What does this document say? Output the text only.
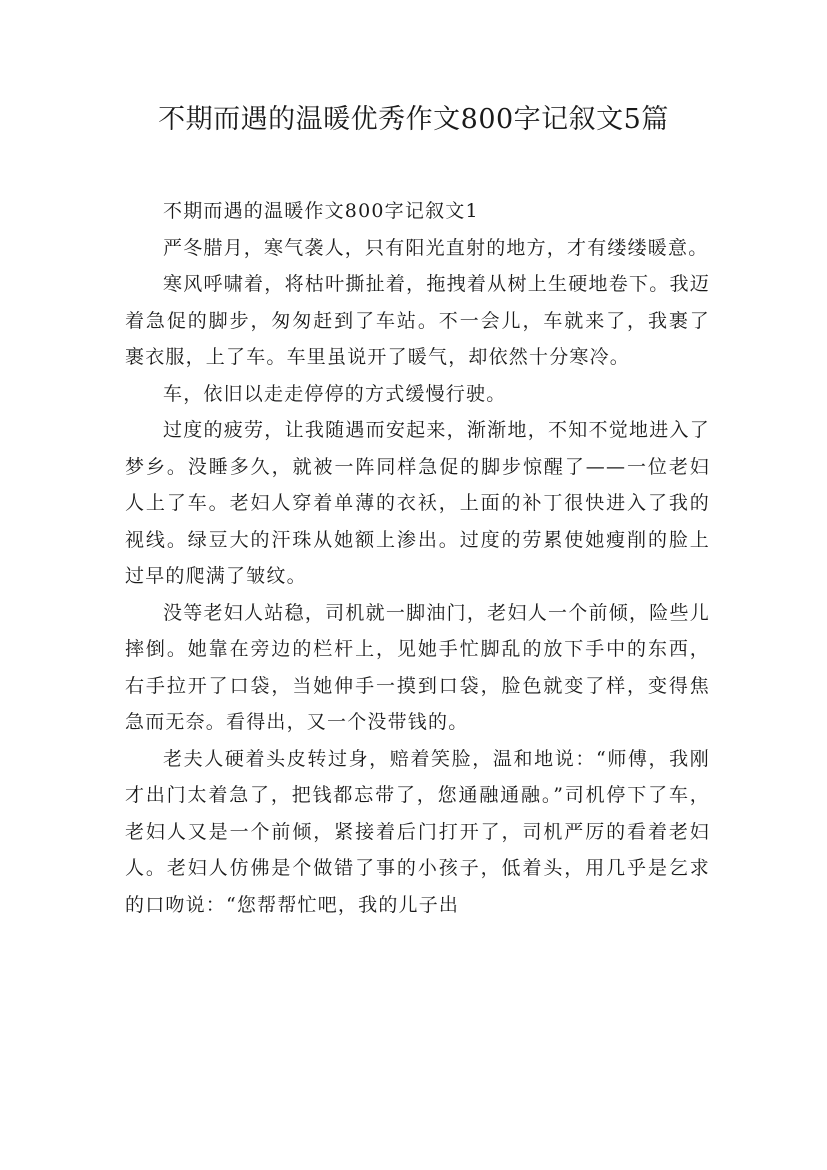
不期而遇的温暖优秀作文800字记叙文5篇

不期而遇的温暖作文800字记叙文1

严冬腊月，寒气袭人，只有阳光直射的地方，才有缕缕暖意。

寒风呼啸着，将枯叶撕扯着，拖拽着从树上生硬地卷下。我迈着急促的脚步，匆匆赶到了车站。不一会儿，车就来了，我裹了裹衣服，上了车。车里虽说开了暖气，却依然十分寒冷。

车，依旧以走走停停的方式缓慢行驶。

过度的疲劳，让我随遇而安起来，渐渐地，不知不觉地进入了梦乡。没睡多久，就被一阵同样急促的脚步惊醒了——一位老妇人上了车。老妇人穿着单薄的衣袄，上面的补丁很快进入了我的视线。绿豆大的汗珠从她额上渗出。过度的劳累使她瘦削的脸上过早的爬满了皱纹。

没等老妇人站稳，司机就一脚油门，老妇人一个前倾，险些儿摔倒。她靠在旁边的栏杆上，见她手忙脚乱的放下手中的东西，右手拉开了口袋，当她伸手一摸到口袋，脸色就变了样，变得焦急而无奈。看得出，又一个没带钱的。

老夫人硬着头皮转过身，赔着笑脸，温和地说：“师傅，我刚才出门太着急了，把钱都忘带了，您通融通融。”司机停下了车，老妇人又是一个前倾，紧接着后门打开了，司机严厉的看着老妇人。老妇人仿佛是个做错了事的小孩子，低着头，用几乎是乞求的口吻说：“您帮帮忙吧，我的儿子出
